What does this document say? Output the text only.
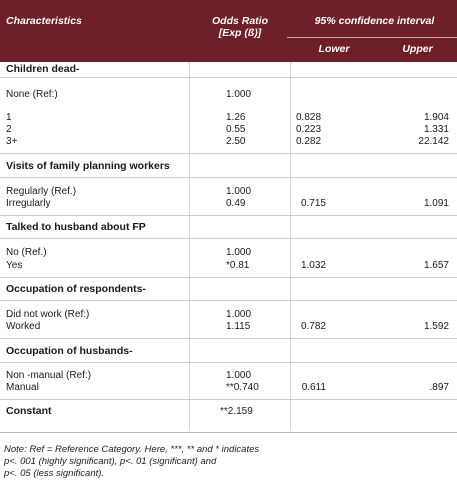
Characteristics	Odds Ratio
[Exp (ß)]
95% confidence interval
Lower	Upper
Children dead-
None (Ref:)	1.000
1	1.26	0.828	1.904
2	0.55	0.223	1.331
3+	2.50	0.282	22.142
Visits of family planning workers
Regularly (Ref.)	1.000
Irregularly	0.49	0.715	1.091
Talked to husband about FP
No (Ref.)	1.000
Yes	*0.81	1.032	1.657
Occupation of respondents-
Did not work (Ref:)	1.000
Worked	1.115	0.782	1.592
Occupation of husbands-
Non -manual (Ref:)	1.000
Manual	**0.740	0.611	.897
Constant	**2.159
Note: Ref = Reference Category. Here, ***, ** and * indicates
p<. 001 (highly significant), p<. 01 (significant) and
p<. 05 (less significant).
